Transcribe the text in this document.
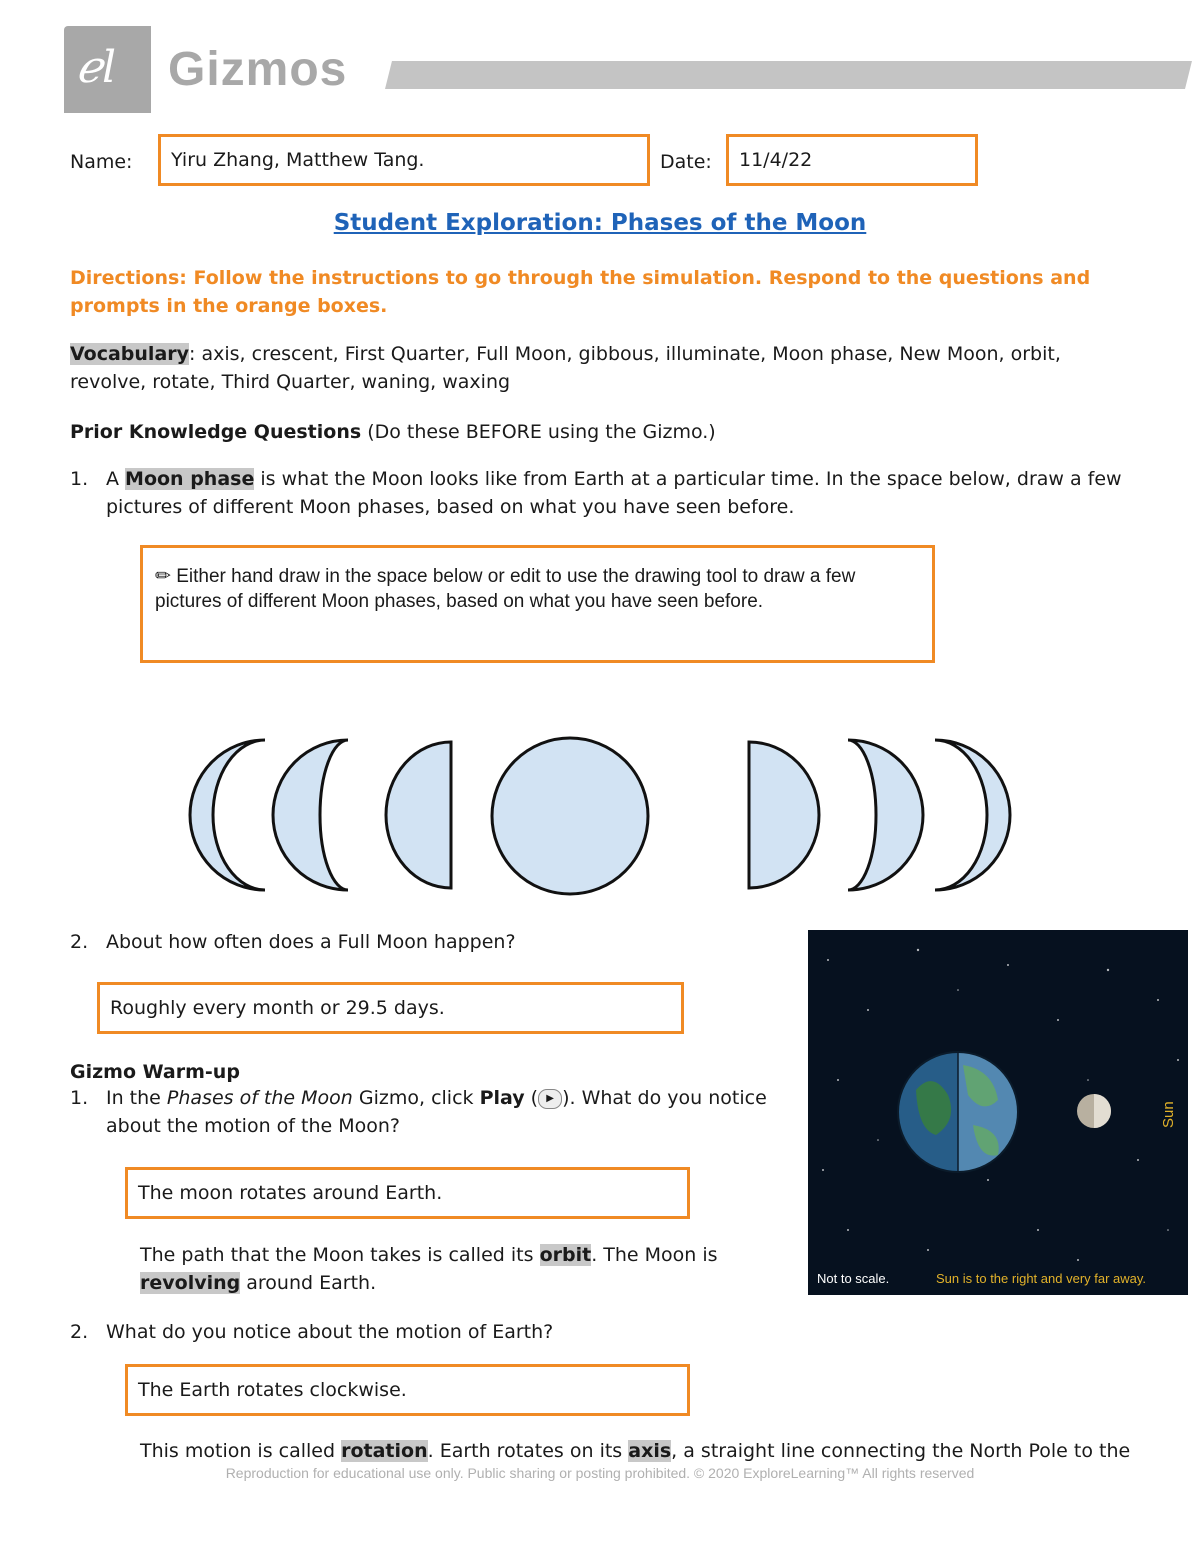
ℯl Gizmos
Name: Yiru Zhang, Matthew Tang.	Date: 11/4/22
Student Exploration: Phases of the Moon
Directions: Follow the instructions to go through the simulation. Respond to the questions and prompts in the orange boxes.
Vocabulary: axis, crescent, First Quarter, Full Moon, gibbous, illuminate, Moon phase, New Moon, orbit, revolve, rotate, Third Quarter, waning, waxing
Prior Knowledge Questions (Do these BEFORE using the Gizmo.)
1. A Moon phase is what the Moon looks like from Earth at a particular time. In the space below, draw a few pictures of different Moon phases, based on what you have seen before.
✏ Either hand draw in the space below or edit to use the drawing tool to draw a few pictures of different Moon phases, based on what you have seen before.
2. About how often does a Full Moon happen?
Roughly every month or 29.5 days.
Gizmo Warm-up
1. In the Phases of the Moon Gizmo, click Play ( ▶ ). What do you notice about the motion of the Moon?
The moon rotates around Earth.
The path that the Moon takes is called its orbit. The Moon is revolving around Earth.
2. What do you notice about the motion of Earth?
The Earth rotates clockwise.
This motion is called rotation. Earth rotates on its axis, a straight line connecting the North Pole to the
Sun
Not to scale.	Sun is to the right and very far away.
Reproduction for educational use only. Public sharing or posting prohibited. © 2020 ExploreLearning™ All rights reserved
